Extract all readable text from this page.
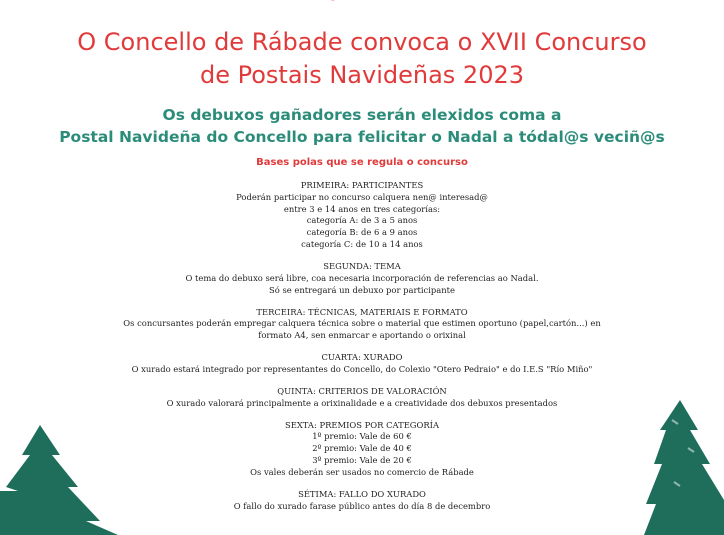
O Concello de Rábade convoca o XVII Concurso
de Postais Navideñas 2023
Os debuxos gañadores serán elexidos coma a
Postal Navideña do Concello para felicitar o Nadal a tódal@s veciñ@s
Bases polas que se regula o concurso
PRIMEIRA: PARTICIPANTES
Poderán participar no concurso calquera nen@ interesad@
entre 3 e 14 anos en tres categorías:
categoría A: de 3 a 5 anos
categoría B: de 6 a 9 anos
categoría C: de 10 a 14 anos
SEGUNDA: TEMA
O tema do debuxo será libre, coa necesaria incorporación de referencias ao Nadal.
Só se entregará un debuxo por participante
TERCEIRA: TÉCNICAS, MATERIAIS E FORMATO
Os concursantes poderán empregar calquera técnica sobre o material que estimen oportuno (papel,cartón...) en
formato A4, sen enmarcar e aportando o orixinal
CUARTA: XURADO
O xurado estará integrado por representantes do Concello, do Colexio "Otero Pedraio" e do I.E.S "Río Miño"
QUINTA: CRITERIOS DE VALORACIÓN
O xurado valorará principalmente a orixinalidade e a creatividade dos debuxos presentados
SEXTA: PREMIOS POR CATEGORÍA
1º premio: Vale de 60 €
2º premio: Vale de 40 €
3º premio: Vale de 20 €
Os vales deberán ser usados no comercio de Rábade
SÉTIMA: FALLO DO XURADO
O fallo do xurado farase público antes do día 8 de decembro
